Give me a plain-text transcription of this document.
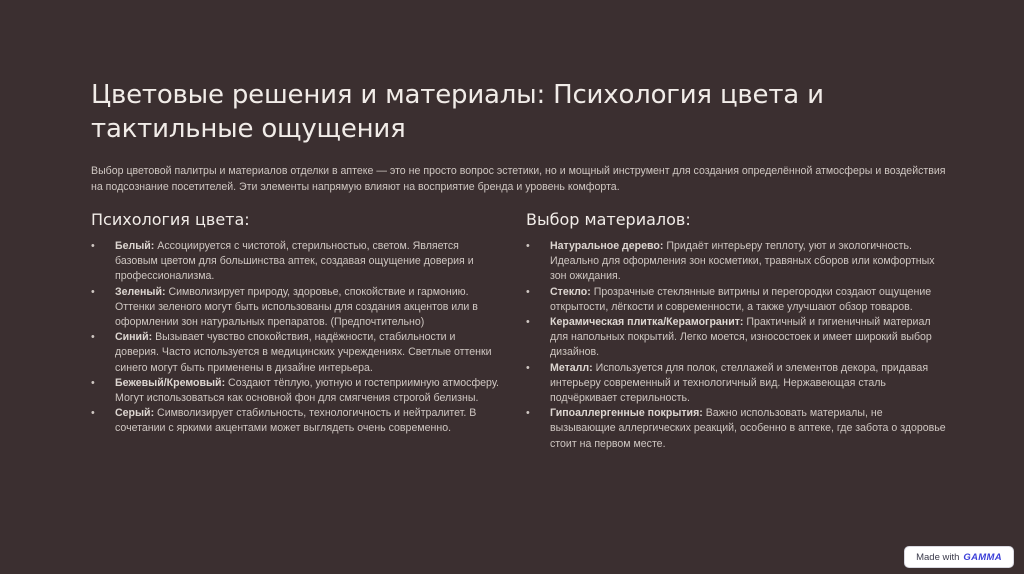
Цветовые решения и материалы: Психология цвета и тактильные ощущения

Выбор цветовой палитры и материалов отделки в аптеке — это не просто вопрос эстетики, но и мощный инструмент для создания определённой атмосферы и воздействия на подсознание посетителей. Эти элементы напрямую влияют на восприятие бренда и уровень комфорта.

Психология цвета:
• Белый: Ассоциируется с чистотой, стерильностью, светом. Является базовым цветом для большинства аптек, создавая ощущение доверия и профессионализма.
• Зеленый: Символизирует природу, здоровье, спокойствие и гармонию. Оттенки зеленого могут быть использованы для создания акцентов или в оформлении зон натуральных препаратов. (Предпочтительно)
• Синий: Вызывает чувство спокойствия, надёжности, стабильности и доверия. Часто используется в медицинских учреждениях. Светлые оттенки синего могут быть применены в дизайне интерьера.
• Бежевый/Кремовый: Создают тёплую, уютную и гостеприимную атмосферу. Могут использоваться как основной фон для смягчения строгой белизны.
• Серый: Символизирует стабильность, технологичность и нейтралитет. В сочетании с яркими акцентами может выглядеть очень современно.
Выбор материалов:
• Натуральное дерево: Придаёт интерьеру теплоту, уют и экологичность. Идеально для оформления зон косметики, травяных сборов или комфортных зон ожидания.
• Стекло: Прозрачные стеклянные витрины и перегородки создают ощущение открытости, лёгкости и современности, а также улучшают обзор товаров.
• Керамическая плитка/Керамогранит: Практичный и гигиеничный материал для напольных покрытий. Легко моется, износостоек и имеет широкий выбор дизайнов.
• Металл: Используется для полок, стеллажей и элементов декора, придавая интерьеру современный и технологичный вид. Нержавеющая сталь подчёркивает стерильность.
• Гипоаллергенные покрытия: Важно использовать материалы, не вызывающие аллергических реакций, особенно в аптеке, где забота о здоровье стоит на первом месте.
Made with GAMMA
